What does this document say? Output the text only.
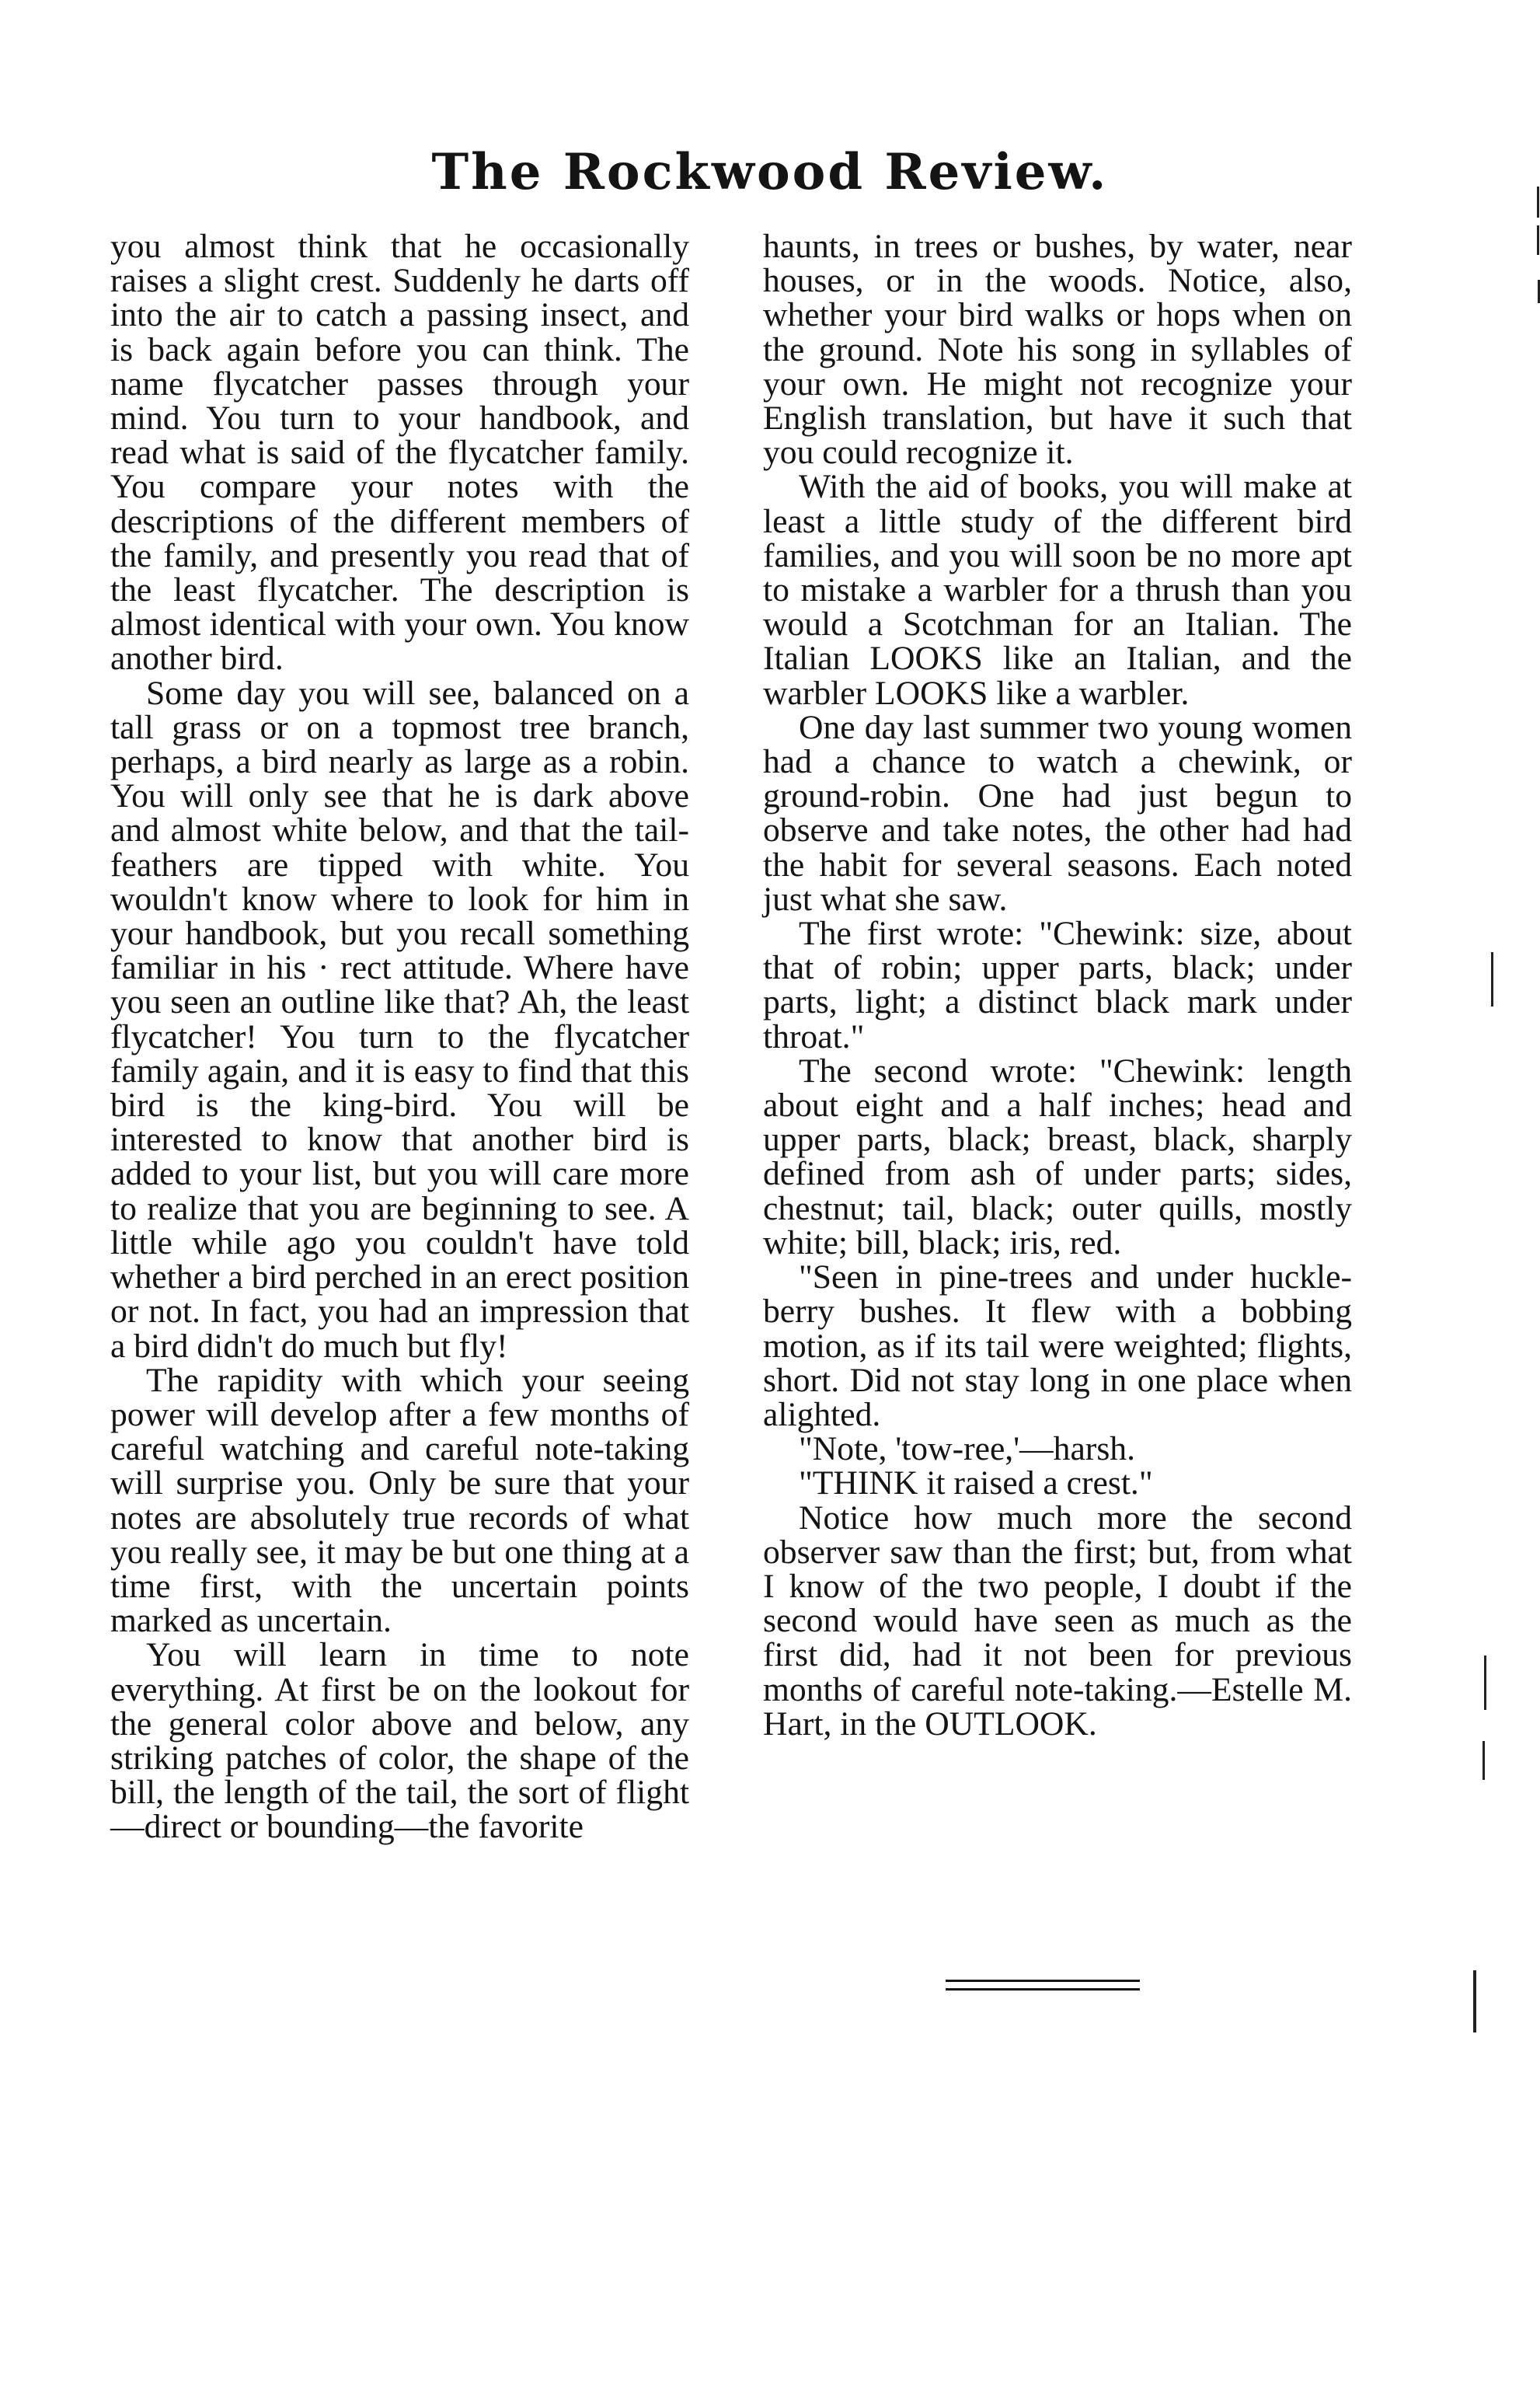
The Rockwood Review.

you almost think that he occasionally raises a slight crest. Suddenly he darts off into the air to catch a passing insect, and is back again before you can think. The name flycatcher passes through your mind. You turn to your handbook, and read what is said of the flycatcher family. You compare your notes with the descriptions of the different members of the family, and presently you read that of the least flycatcher. The description is almost identical with your own. You know another bird.

Some day you will see, balanced on a tall grass or on a topmost tree branch, perhaps, a bird nearly as large as a robin. You will only see that he is dark above and almost white below, and that the tail-feathers are tipped with white. You wouldn't know where to look for him in your handbook, but you recall something familiar in his · rect attitude. Where have you seen an outline like that? Ah, the least flycatcher! You turn to the flycatcher family again, and it is easy to find that this bird is the king-bird. You will be interested to know that another bird is added to your list, but you will care more to realize that you are beginning to see. A little while ago you couldn't have told whether a bird perched in an erect position or not. In fact, you had an impression that a bird didn't do much but fly!

The rapidity with which your seeing power will develop after a few months of careful watching and careful note-taking will surprise you. Only be sure that your notes are absolutely true records of what you really see, it may be but one thing at a time first, with the uncertain points marked as uncertain.

You will learn in time to note everything. At first be on the lookout for the general color above and below, any striking patches of color, the shape of the bill, the length of the tail, the sort of flight —direct or bounding—the favorite

haunts, in trees or bushes, by water, near houses, or in the woods. Notice, also, whether your bird walks or hops when on the ground. Note his song in syllables of your own. He might not recognize your English translation, but have it such that you could recognize it.

With the aid of books, you will make at least a little study of the different bird families, and you will soon be no more apt to mistake a warbler for a thrush than you would a Scotchman for an Italian. The Italian LOOKS like an Italian, and the warbler LOOKS like a warbler.

One day last summer two young women had a chance to watch a chewink, or ground-robin. One had just begun to observe and take notes, the other had had the habit for several seasons. Each noted just what she saw.

The first wrote: "Chewink: size, about that of robin; upper parts, black; under parts, light; a distinct black mark under throat."

The second wrote: "Chewink: length about eight and a half inches; head and upper parts, black; breast, black, sharply defined from ash of under parts; sides, chestnut; tail, black; outer quills, mostly white; bill, black; iris, red.

"Seen in pine-trees and under huckle-berry bushes. It flew with a bobbing motion, as if its tail were weighted; flights, short. Did not stay long in one place when alighted.

"Note, 'tow-ree,'—harsh.

"THINK it raised a crest."

Notice how much more the second observer saw than the first; but, from what I know of the two people, I doubt if the second would have seen as much as the first did, had it not been for previous months of careful note-taking.—Estelle M. Hart, in the OUTLOOK.
